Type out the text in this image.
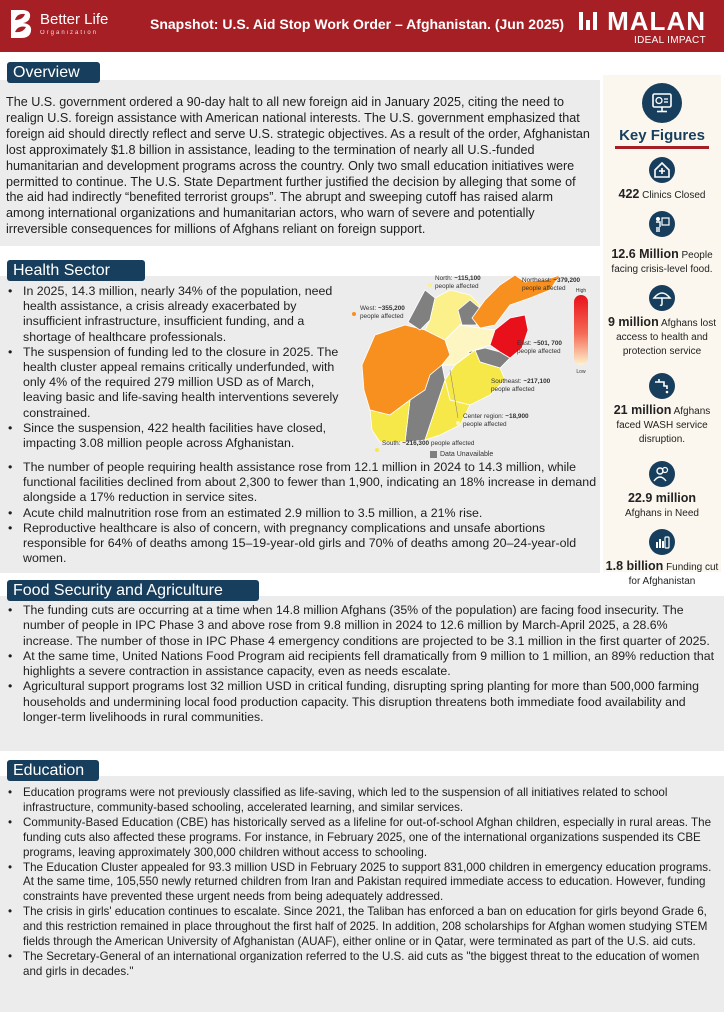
Better Life
Organization
Snapshot: U.S. Aid Stop Work Order – Afghanistan. (Jun 2025) MALAN
IDEAL IMPACT
Overview

The U.S. government ordered a 90-day halt to all new foreign aid in January 2025, citing the need to realign U.S. foreign assistance with American national interests. The U.S. government emphasized that foreign aid should directly reflect and serve U.S. strategic objectives. As a result of the order, Afghanistan lost approximately $1.8 billion in assistance, leading to the termination of nearly all U.S.-funded humanitarian and development programs across the country. Only two small education initiatives were permitted to continue. The U.S. State Department further justified the decision by alleging that some of the aid had indirectly “benefited terrorist groups”. The abrupt and sweeping cutoff has raised alarm among international organizations and humanitarian actors, who warn of severe and potentially irreversible consequences for millions of Afghans reliant on foreign support.

Health Sector
• In 2025, 14.3 million, nearly 34% of the population, need health assistance, a crisis already exacerbated by insufficient infrastructure, insufficient funding, and a shortage of healthcare professionals.
• The suspension of funding led to the closure in 2025. The health cluster appeal remains critically underfunded, with only 4% of the required 279 million USD as of March, leaving basic and life-saving health interventions severely constrained.
• Since the suspension, 422 health facilities have closed, impacting 3.08 million people across Afghanistan.
• The number of people requiring health assistance rose from 12.1 million in 2024 to 14.3 million, while functional facilities declined from about 2,300 to fewer than 1,900, indicating an 18% increase in demand alongside a 17% reduction in service sites.
• Acute child malnutrition rose from an estimated 2.9 million to 3.5 million, a 21% rise.
• Reproductive healthcare is also of concern, with pregnancy complications and unsafe abortions responsible for 64% of deaths among 15–19-year-old girls and 70% of deaths among 20–24-year-old women.
North: ~115,100
people affected
Northeast: ~379,200
people affected
West: ~355,200
people affected
East: ~501, 700
people affected
Southeast: ~217,100
people affected
Center region: ~18,900
people affected
South: ~216,300 people affected
High
Low
Data Unavailable
Key Figures
422 Clinics Closed
12.6 Million People facing crisis-level food.
9 million Afghans lost access to health and protection service
21 million Afghans faced WASH service disruption.
22.9 million
Afghans in Need
1.8 billion Funding cut for Afghanistan
Food Security and Agriculture
• The funding cuts are occurring at a time when 14.8 million Afghans (35% of the population) are facing food insecurity. The number of people in IPC Phase 3 and above rose from 9.8 million in 2024 to 12.6 million by March-April 2025, a 28.6% increase. The number of those in IPC Phase 4 emergency conditions are projected to be 3.1 million in the first quarter of 2025.
• At the same time, United Nations Food Program aid recipients fell dramatically from 9 million to 1 million, an 89% reduction that highlights a severe contraction in assistance capacity, even as needs escalate.
• Agricultural support programs lost 32 million USD in critical funding, disrupting spring planting for more than 500,000 farming households and undermining local food production capacity. This disruption threatens both immediate food availability and longer-term livelihoods in rural communities.
Education
• Education programs were not previously classified as life-saving, which led to the suspension of all initiatives related to school infrastructure, community-based schooling, accelerated learning, and similar services.
• Community-Based Education (CBE) has historically served as a lifeline for out-of-school Afghan children, especially in rural areas. The funding cuts also affected these programs. For instance, in February 2025, one of the international organizations suspended its CBE programs, leaving approximately 300,000 children without access to schooling.
• The Education Cluster appealed for 93.3 million USD in February 2025 to support 831,000 children in emergency education programs. At the same time, 105,550 newly returned children from Iran and Pakistan required immediate access to education. However, funding constraints have prevented these urgent needs from being adequately addressed.
• The crisis in girls' education continues to escalate. Since 2021, the Taliban has enforced a ban on education for girls beyond Grade 6, and this restriction remained in place throughout the first half of 2025. In addition, 208 scholarships for Afghan women studying STEM fields through the American University of Afghanistan (AUAF), either online or in Qatar, were terminated as part of the U.S. aid cuts.
• The Secretary-General of an international organization referred to the U.S. aid cuts as "the biggest threat to the education of women and girls in decades."
